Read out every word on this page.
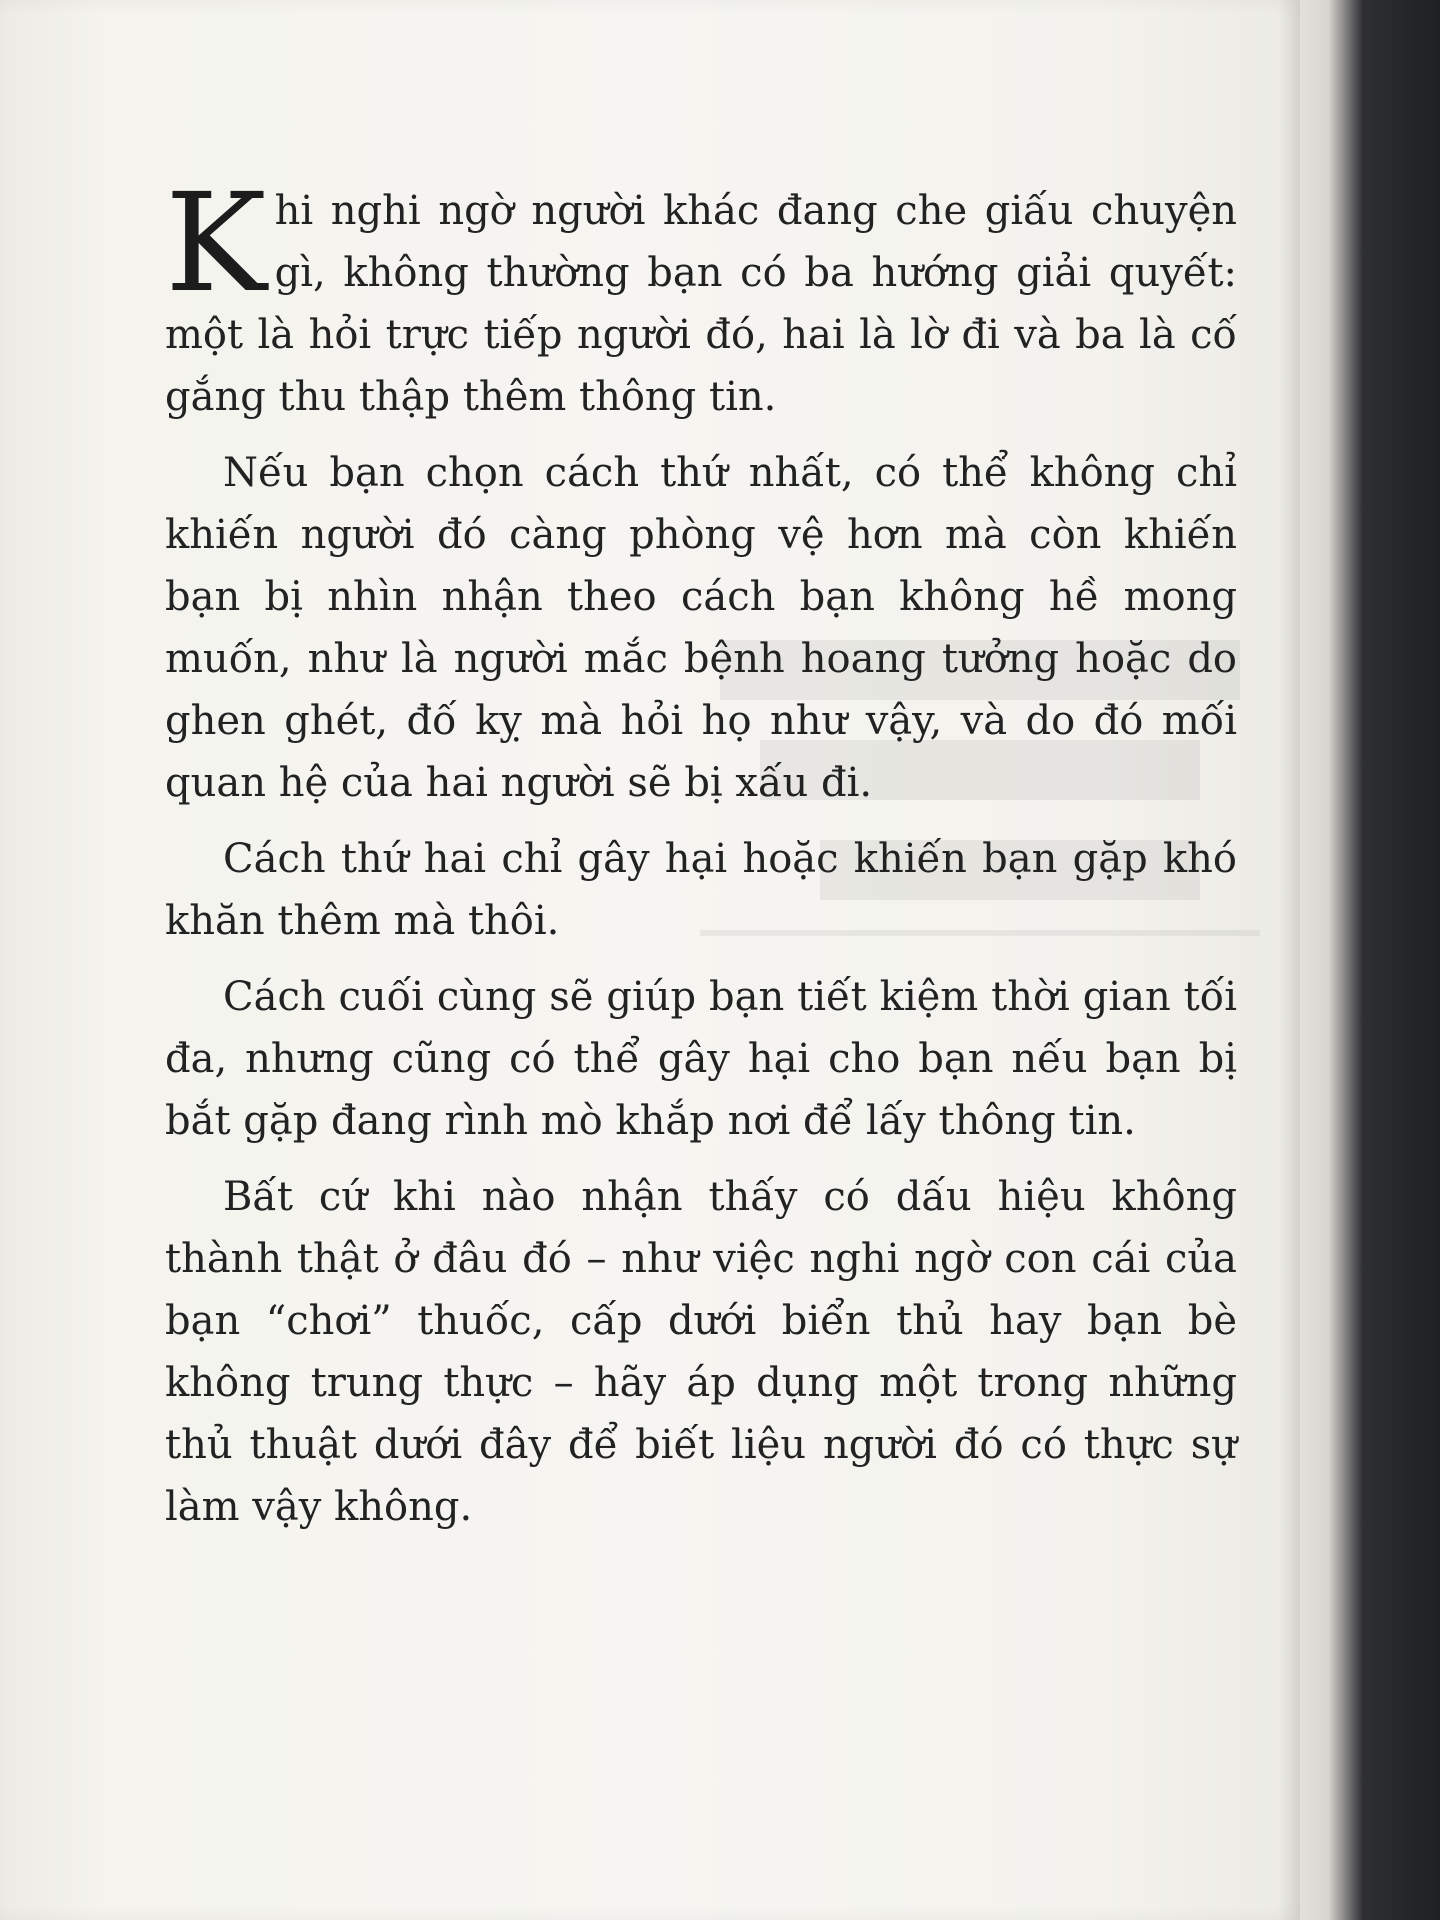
Khi nghi ngờ người khác đang che giấu chuyện gì, không thường bạn có ba hướng giải quyết: một là hỏi trực tiếp người đó, hai là lờ đi và ba là cố gắng thu thập thêm thông tin.

Nếu bạn chọn cách thứ nhất, có thể không chỉ khiến người đó càng phòng vệ hơn mà còn khiến bạn bị nhìn nhận theo cách bạn không hề mong muốn, như là người mắc bệnh hoang tưởng hoặc do ghen ghét, đố kỵ mà hỏi họ như vậy, và do đó mối quan hệ của hai người sẽ bị xấu đi.

Cách thứ hai chỉ gây hại hoặc khiến bạn gặp khó khăn thêm mà thôi.

Cách cuối cùng sẽ giúp bạn tiết kiệm thời gian tối đa, nhưng cũng có thể gây hại cho bạn nếu bạn bị bắt gặp đang rình mò khắp nơi để lấy thông tin.

Bất cứ khi nào nhận thấy có dấu hiệu không thành thật ở đâu đó – như việc nghi ngờ con cái của bạn “chơi” thuốc, cấp dưới biển thủ hay bạn bè không trung thực – hãy áp dụng một trong những thủ thuật dưới đây để biết liệu người đó có thực sự làm vậy không.
